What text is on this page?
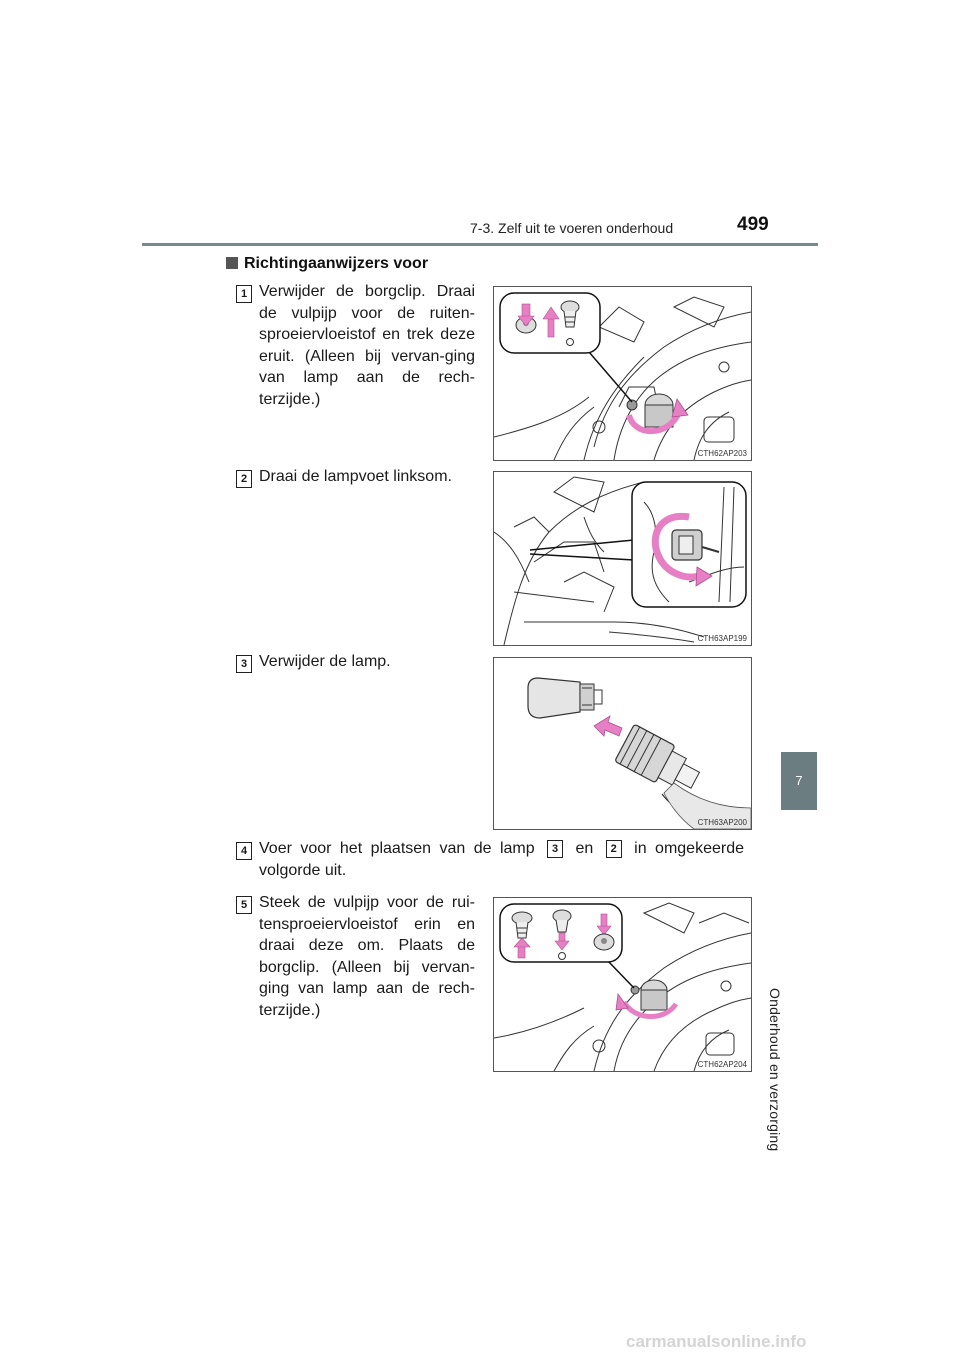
7-3. Zelf uit te voeren onderhoud	499
7
Onderhoud en verzorging
Richtingaanwijzers voor
1 Verwijder de borgclip. Draai de vulpijp voor de ruiten-sproeiervloeistof en trek deze eruit. (Alleen bij vervan-ging van lamp aan de rech-terzijde.)
CTH62AP203
2 Draai de lampvoet linksom.
CTH63AP199
3 Verwijder de lamp.
CTH63AP200
4 Voer voor het plaatsen van de lamp 3 en 2 in omgekeerde volgorde uit.
5 Steek de vulpijp voor de rui-tensproeiervloeistof erin en draai deze om. Plaats de borgclip. (Alleen bij vervan-ging van lamp aan de rech-terzijde.)
CTH62AP204
carmanualsonline.info
